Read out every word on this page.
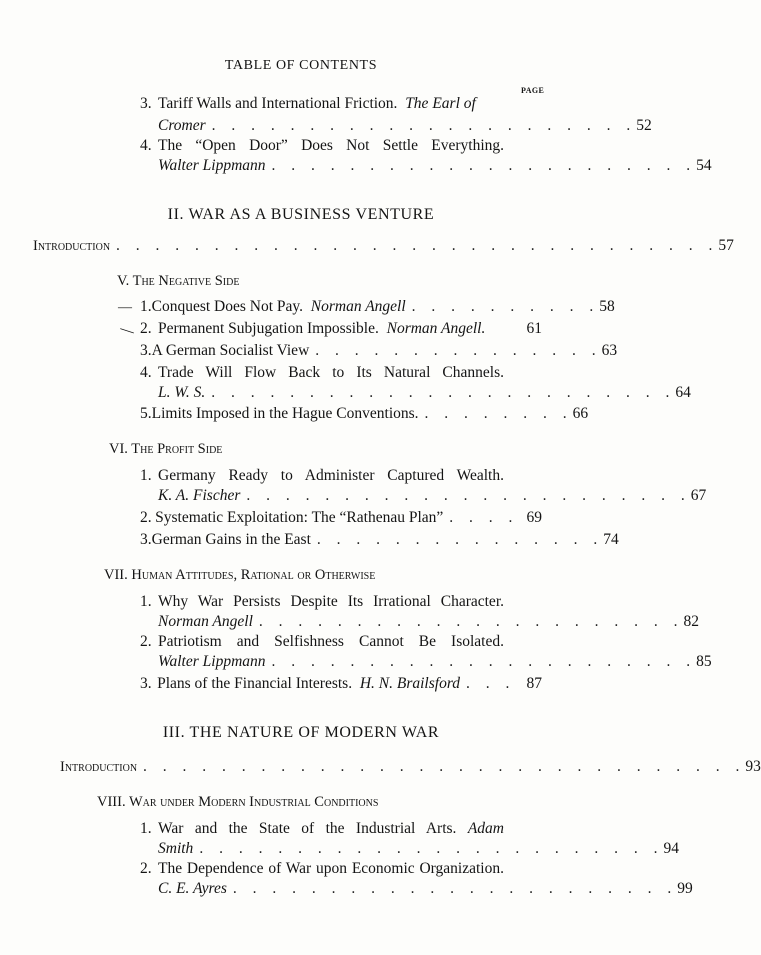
TABLE OF CONTENTS
PAGE
3. Tariff Walls and International Friction. The Earl of
Cromer . . . . . . . . . . . . . . . . . . . . . . 52
4. The “Open Door” Does Not Settle Everything.
Walter Lippmann . . . . . . . . . . . . . . . . . . . . . . 54
II. WAR AS A BUSINESS VENTURE
Introduction . . . . . . . . . . . . . . . . . . . . . . . . . . . . . . . 57
V. The Negative Side
— 1. Conquest Does Not Pay. Norman Angell . . . . . . . . . . 58
— 2. Permanent Subjugation Impossible. Norman Angell.	61
3. A German Socialist View . . . . . . . . . . . . . . . 63
4. Trade Will Flow Back to Its Natural Channels.
L. W. S. . . . . . . . . . . . . . . . . . . . . . . . . 64
5. Limits Imposed in the Hague Conventions. . . . . . . . . 66
VI. The Profit Side
1. Germany Ready to Administer Captured Wealth.
K. A. Fischer . . . . . . . . . . . . . . . . . . . . . . . 67
2. Systematic Exploitation: The “Rathenau Plan” . . . . 69
3. German Gains in the East . . . . . . . . . . . . . . . 74
VII. Human Attitudes, Rational or Otherwise
1. Why War Persists Despite Its Irrational Character.
Norman Angell . . . . . . . . . . . . . . . . . . . . . . 82
2. Patriotism and Selfishness Cannot Be Isolated.
Walter Lippmann . . . . . . . . . . . . . . . . . . . . . . 85
3. Plans of the Financial Interests. H. N. Brailsford . . . 87
III. THE NATURE OF MODERN WAR
Introduction . . . . . . . . . . . . . . . . . . . . . . . . . . . . . . . 93
VIII. War under Modern Industrial Conditions
1. War and the State of the Industrial Arts. Adam
Smith . . . . . . . . . . . . . . . . . . . . . . . . 94
2. The Dependence of War upon Economic Organization.
C. E. Ayres . . . . . . . . . . . . . . . . . . . . . . . 99
